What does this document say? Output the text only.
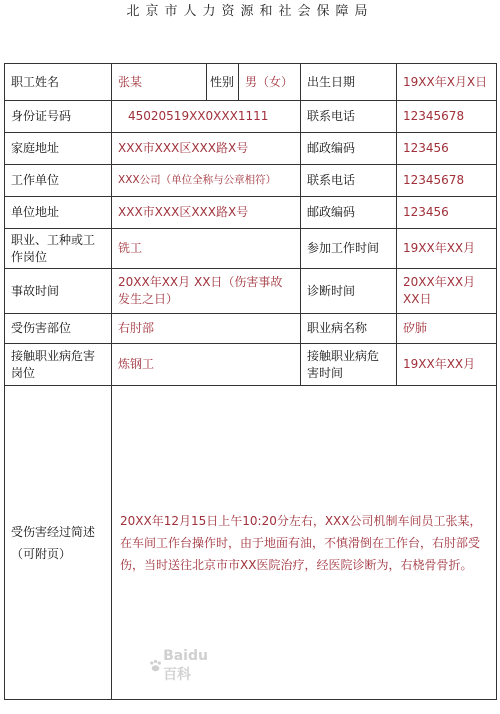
北京市人力资源和社会保障局
职工姓名	张某	性别	男（女）	出生日期	19XX年X月X日
身份证号码	45020519XX0XXX1111			联系电话	12345678
家庭地址	XXX市XXX区XXX路X号			邮政编码	123456
工作单位	XXX公司（单位全称与公章相符）			联系电话	12345678
单位地址	XXX市XXX区XXX路X号			邮政编码	123456
职业、工种或工作岗位	铣工			参加工作时间	19XX年XX月
事故时间	20XX年XX月 XX日（伤害事故发生之日）			诊断时间	20XX年XX月XX日
受伤害部位	右肘部			职业病名称	矽肺
接触职业病危害岗位	炼钢工			接触职业病危害时间	19XX年XX月
受伤害经过简述（可附页）	20XX年12月15日上午10:20分左右，XXX公司机制车间员工张某，在车间工作台操作时，由于地面有油，不慎滑倒在工作台，右肘部受伤，当时送往北京市市XX医院治疗，经医院诊断为，右桡骨骨折。				
Baidu百科
